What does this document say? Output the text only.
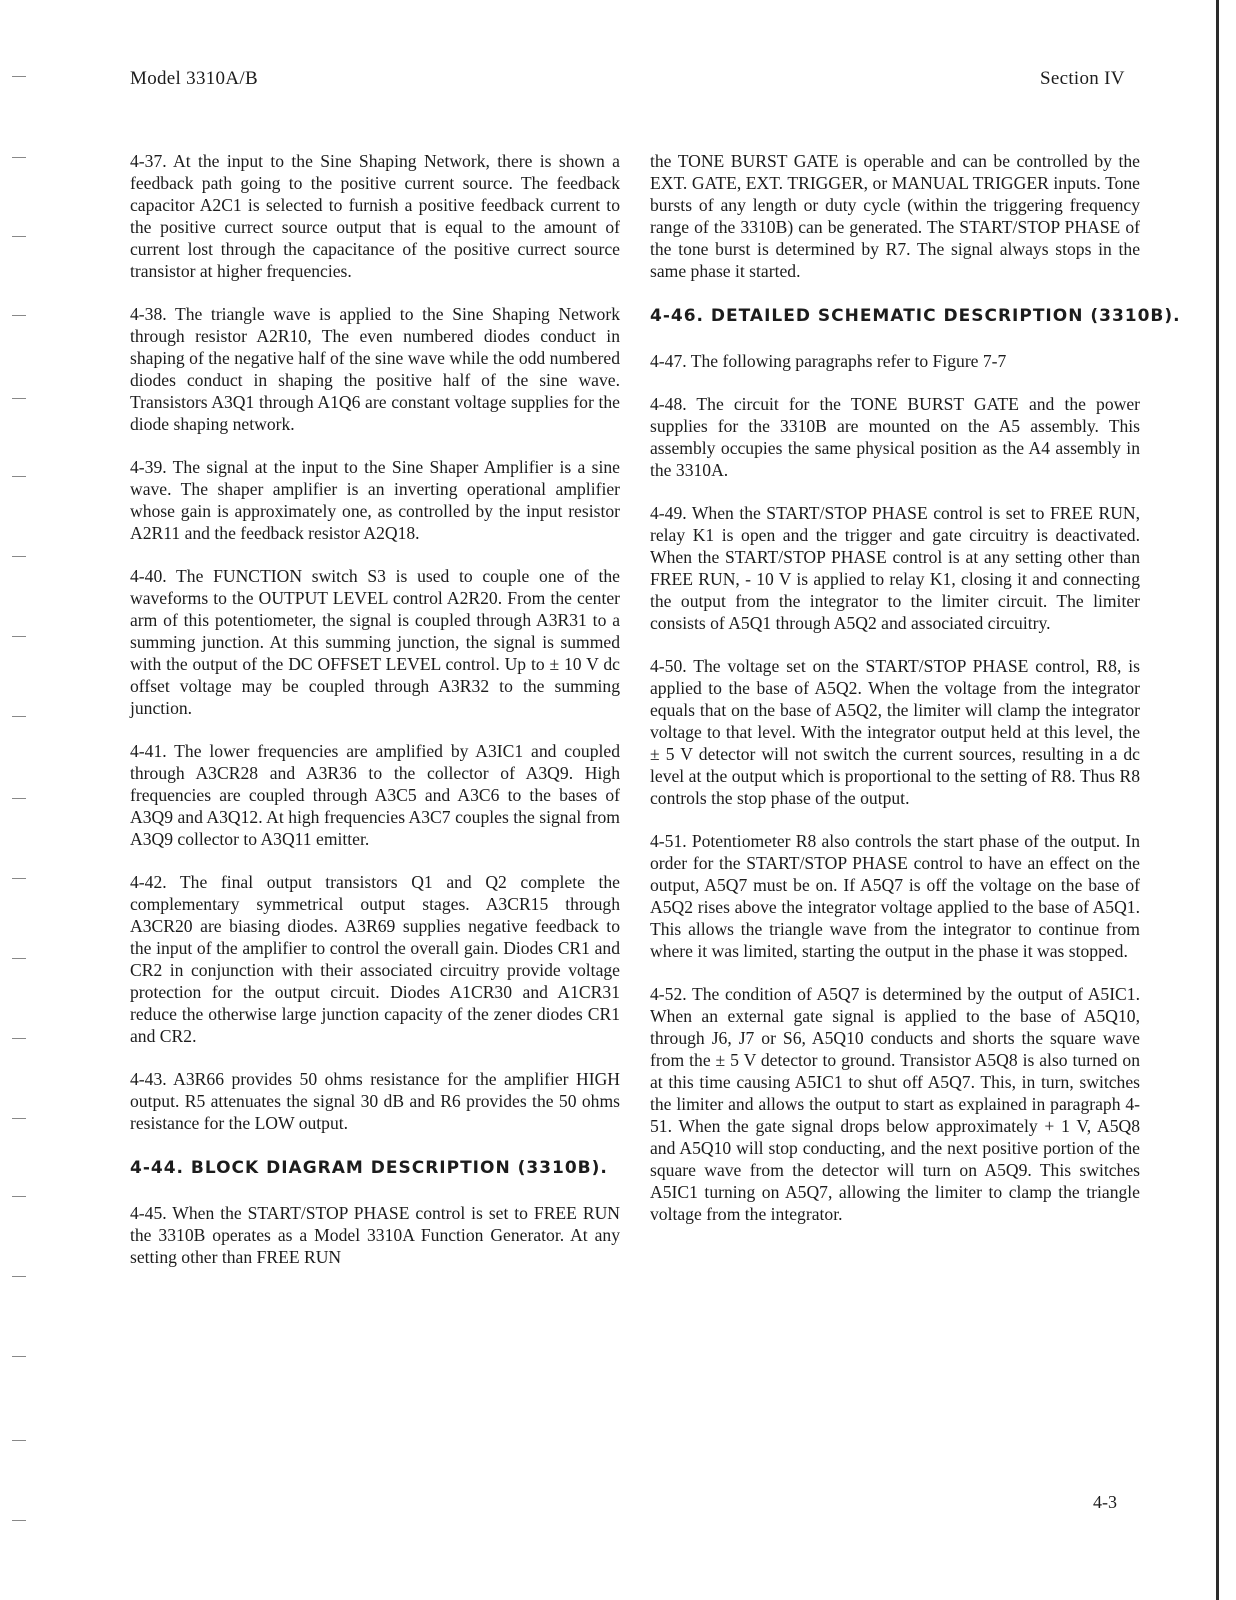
Model 3310A/B	Section IV

4-37. At the input to the Sine Shaping Network, there is shown a feedback path going to the positive current source. The feedback capacitor A2C1 is selected to furnish a positive feedback current to the positive currect source output that is equal to the amount of current lost through the capacitance of the positive currect source transistor at higher frequencies.

4-38. The triangle wave is applied to the Sine Shaping Network through resistor A2R10, The even numbered diodes conduct in shaping of the negative half of the sine wave while the odd numbered diodes conduct in shaping the positive half of the sine wave. Transistors A3Q1 through A1Q6 are constant voltage supplies for the diode shaping network.

4-39. The signal at the input to the Sine Shaper Amplifier is a sine wave. The shaper amplifier is an inverting operational amplifier whose gain is approximately one, as controlled by the input resistor A2R11 and the feedback resistor A2Q18.

4-40. The FUNCTION switch S3 is used to couple one of the waveforms to the OUTPUT LEVEL control A2R20. From the center arm of this potentiometer, the signal is coupled through A3R31 to a summing junction. At this summing junction, the signal is summed with the output of the DC OFFSET LEVEL control. Up to ± 10 V dc offset voltage may be coupled through A3R32 to the summing junction.

4-41. The lower frequencies are amplified by A3IC1 and coupled through A3CR28 and A3R36 to the collector of A3Q9. High frequencies are coupled through A3C5 and A3C6 to the bases of A3Q9 and A3Q12. At high frequencies A3C7 couples the signal from A3Q9 collector to A3Q11 emitter.

4-42. The final output transistors Q1 and Q2 complete the complementary symmetrical output stages. A3CR15 through A3CR20 are biasing diodes. A3R69 supplies negative feedback to the input of the amplifier to control the overall gain. Diodes CR1 and CR2 in conjunction with their associated circuitry provide voltage protection for the output circuit. Diodes A1CR30 and A1CR31 reduce the otherwise large junction capacity of the zener diodes CR1 and CR2.

4-43. A3R66 provides 50 ohms resistance for the amplifier HIGH output. R5 attenuates the signal 30 dB and R6 provides the 50 ohms resistance for the LOW output.

4-44. BLOCK DIAGRAM DESCRIPTION (3310B).

4-45. When the START/STOP PHASE control is set to FREE RUN the 3310B operates as a Model 3310A Function Generator. At any setting other than FREE RUN

the TONE BURST GATE is operable and can be controlled by the EXT. GATE, EXT. TRIGGER, or MANUAL TRIGGER inputs. Tone bursts of any length or duty cycle (within the triggering frequency range of the 3310B) can be generated. The START/STOP PHASE of the tone burst is determined by R7. The signal always stops in the same phase it started.

4-46. DETAILED SCHEMATIC DESCRIPTION (3310B).

4-47. The following paragraphs refer to Figure 7-7

4-48. The circuit for the TONE BURST GATE and the power supplies for the 3310B are mounted on the A5 assembly. This assembly occupies the same physical position as the A4 assembly in the 3310A.

4-49. When the START/STOP PHASE control is set to FREE RUN, relay K1 is open and the trigger and gate circuitry is deactivated. When the START/STOP PHASE control is at any setting other than FREE RUN, - 10 V is applied to relay K1, closing it and connecting the output from the integrator to the limiter circuit. The limiter consists of A5Q1 through A5Q2 and associated circuitry.

4-50. The voltage set on the START/STOP PHASE control, R8, is applied to the base of A5Q2. When the voltage from the integrator equals that on the base of A5Q2, the limiter will clamp the integrator voltage to that level. With the integrator output held at this level, the ± 5 V detector will not switch the current sources, resulting in a dc level at the output which is proportional to the setting of R8. Thus R8 controls the stop phase of the output.

4-51. Potentiometer R8 also controls the start phase of the output. In order for the START/STOP PHASE control to have an effect on the output, A5Q7 must be on. If A5Q7 is off the voltage on the base of A5Q2 rises above the integrator voltage applied to the base of A5Q1. This allows the triangle wave from the integrator to continue from where it was limited, starting the output in the phase it was stopped.

4-52. The condition of A5Q7 is determined by the output of A5IC1. When an external gate signal is applied to the base of A5Q10, through J6, J7 or S6, A5Q10 conducts and shorts the square wave from the ± 5 V detector to ground. Transistor A5Q8 is also turned on at this time causing A5IC1 to shut off A5Q7. This, in turn, switches the limiter and allows the output to start as explained in paragraph 4-51. When the gate signal drops below approximately + 1 V, A5Q8 and A5Q10 will stop conducting, and the next positive portion of the square wave from the detector will turn on A5Q9. This switches A5IC1 turning on A5Q7, allowing the limiter to clamp the triangle voltage from the integrator.

4-3
